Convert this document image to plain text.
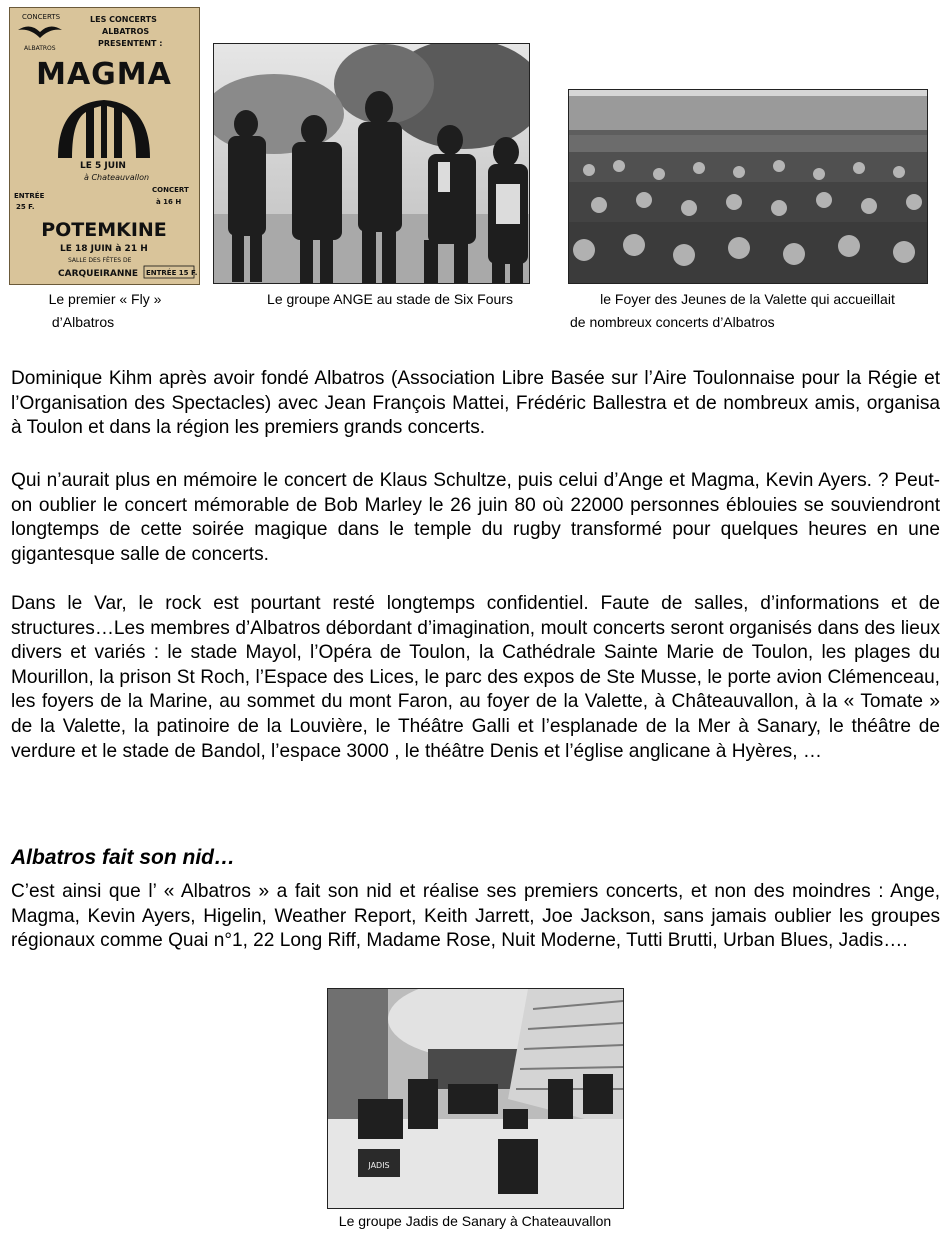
CONCERTS
ALBATROS
LES CONCERTS
ALBATROS
PRESENTENT :
MAGMA
ENTRÉE
25 F.
LE 5 JUIN
à Chateauvallon
CONCERT
à 16 H
POTEMKINE
LE 18 JUIN à 21 H
SALLE DES FÊTES DE
CARQUEIRANNE ENTRÉE 15 F.
Le premier « Fly »
d’Albatros
Le groupe ANGE au stade de Six Fours	le Foyer des Jeunes de la Valette qui accueillait
de nombreux concerts d’Albatros

Dominique Kihm après avoir fondé Albatros (Association Libre Basée sur l’Aire Toulonnaise pour la Régie et l’Organisation des Spectacles) avec Jean François Mattei, Frédéric Ballestra et de nombreux amis, organisa à Toulon et dans la région les premiers grands concerts.

Qui n’aurait plus en mémoire le concert de Klaus Schultze, puis celui d’Ange et Magma, Kevin Ayers. ? Peut-on oublier le concert mémorable de Bob Marley le 26 juin 80 où 22000 personnes éblouies se souviendront longtemps de cette soirée magique dans le temple du rugby transformé pour quelques heures en une gigantesque salle de concerts.

Dans le Var, le rock est pourtant resté longtemps confidentiel. Faute de salles, d’informations et de structures…Les membres d’Albatros débordant d’imagination, moult concerts seront organisés dans des lieux divers et variés : le stade Mayol, l’Opéra de Toulon, la Cathédrale Sainte Marie de Toulon, les plages du Mourillon, la prison St Roch, l’Espace des Lices, le parc des expos de Ste Musse, le porte avion Clémenceau, les foyers de la Marine, au sommet du mont Faron, au foyer de la Valette, à Châteauvallon, à la « Tomate » de la Valette, la patinoire de la Louvière, le Théâtre Galli et l’esplanade de la Mer à Sanary, le théâtre de verdure et le stade de Bandol, l’espace 3000 , le théâtre Denis et l’église anglicane à Hyères, …

Albatros fait son nid…

C’est ainsi que l’ « Albatros » a fait son nid et réalise ses premiers concerts, et non des moindres : Ange, Magma, Kevin Ayers, Higelin, Weather Report, Keith Jarrett, Joe Jackson, sans jamais oublier les groupes régionaux comme Quai n°1, 22 Long Riff, Madame Rose, Nuit Moderne, Tutti Brutti, Urban Blues, Jadis….

JADIS
Le groupe Jadis de Sanary à Chateauvallon
